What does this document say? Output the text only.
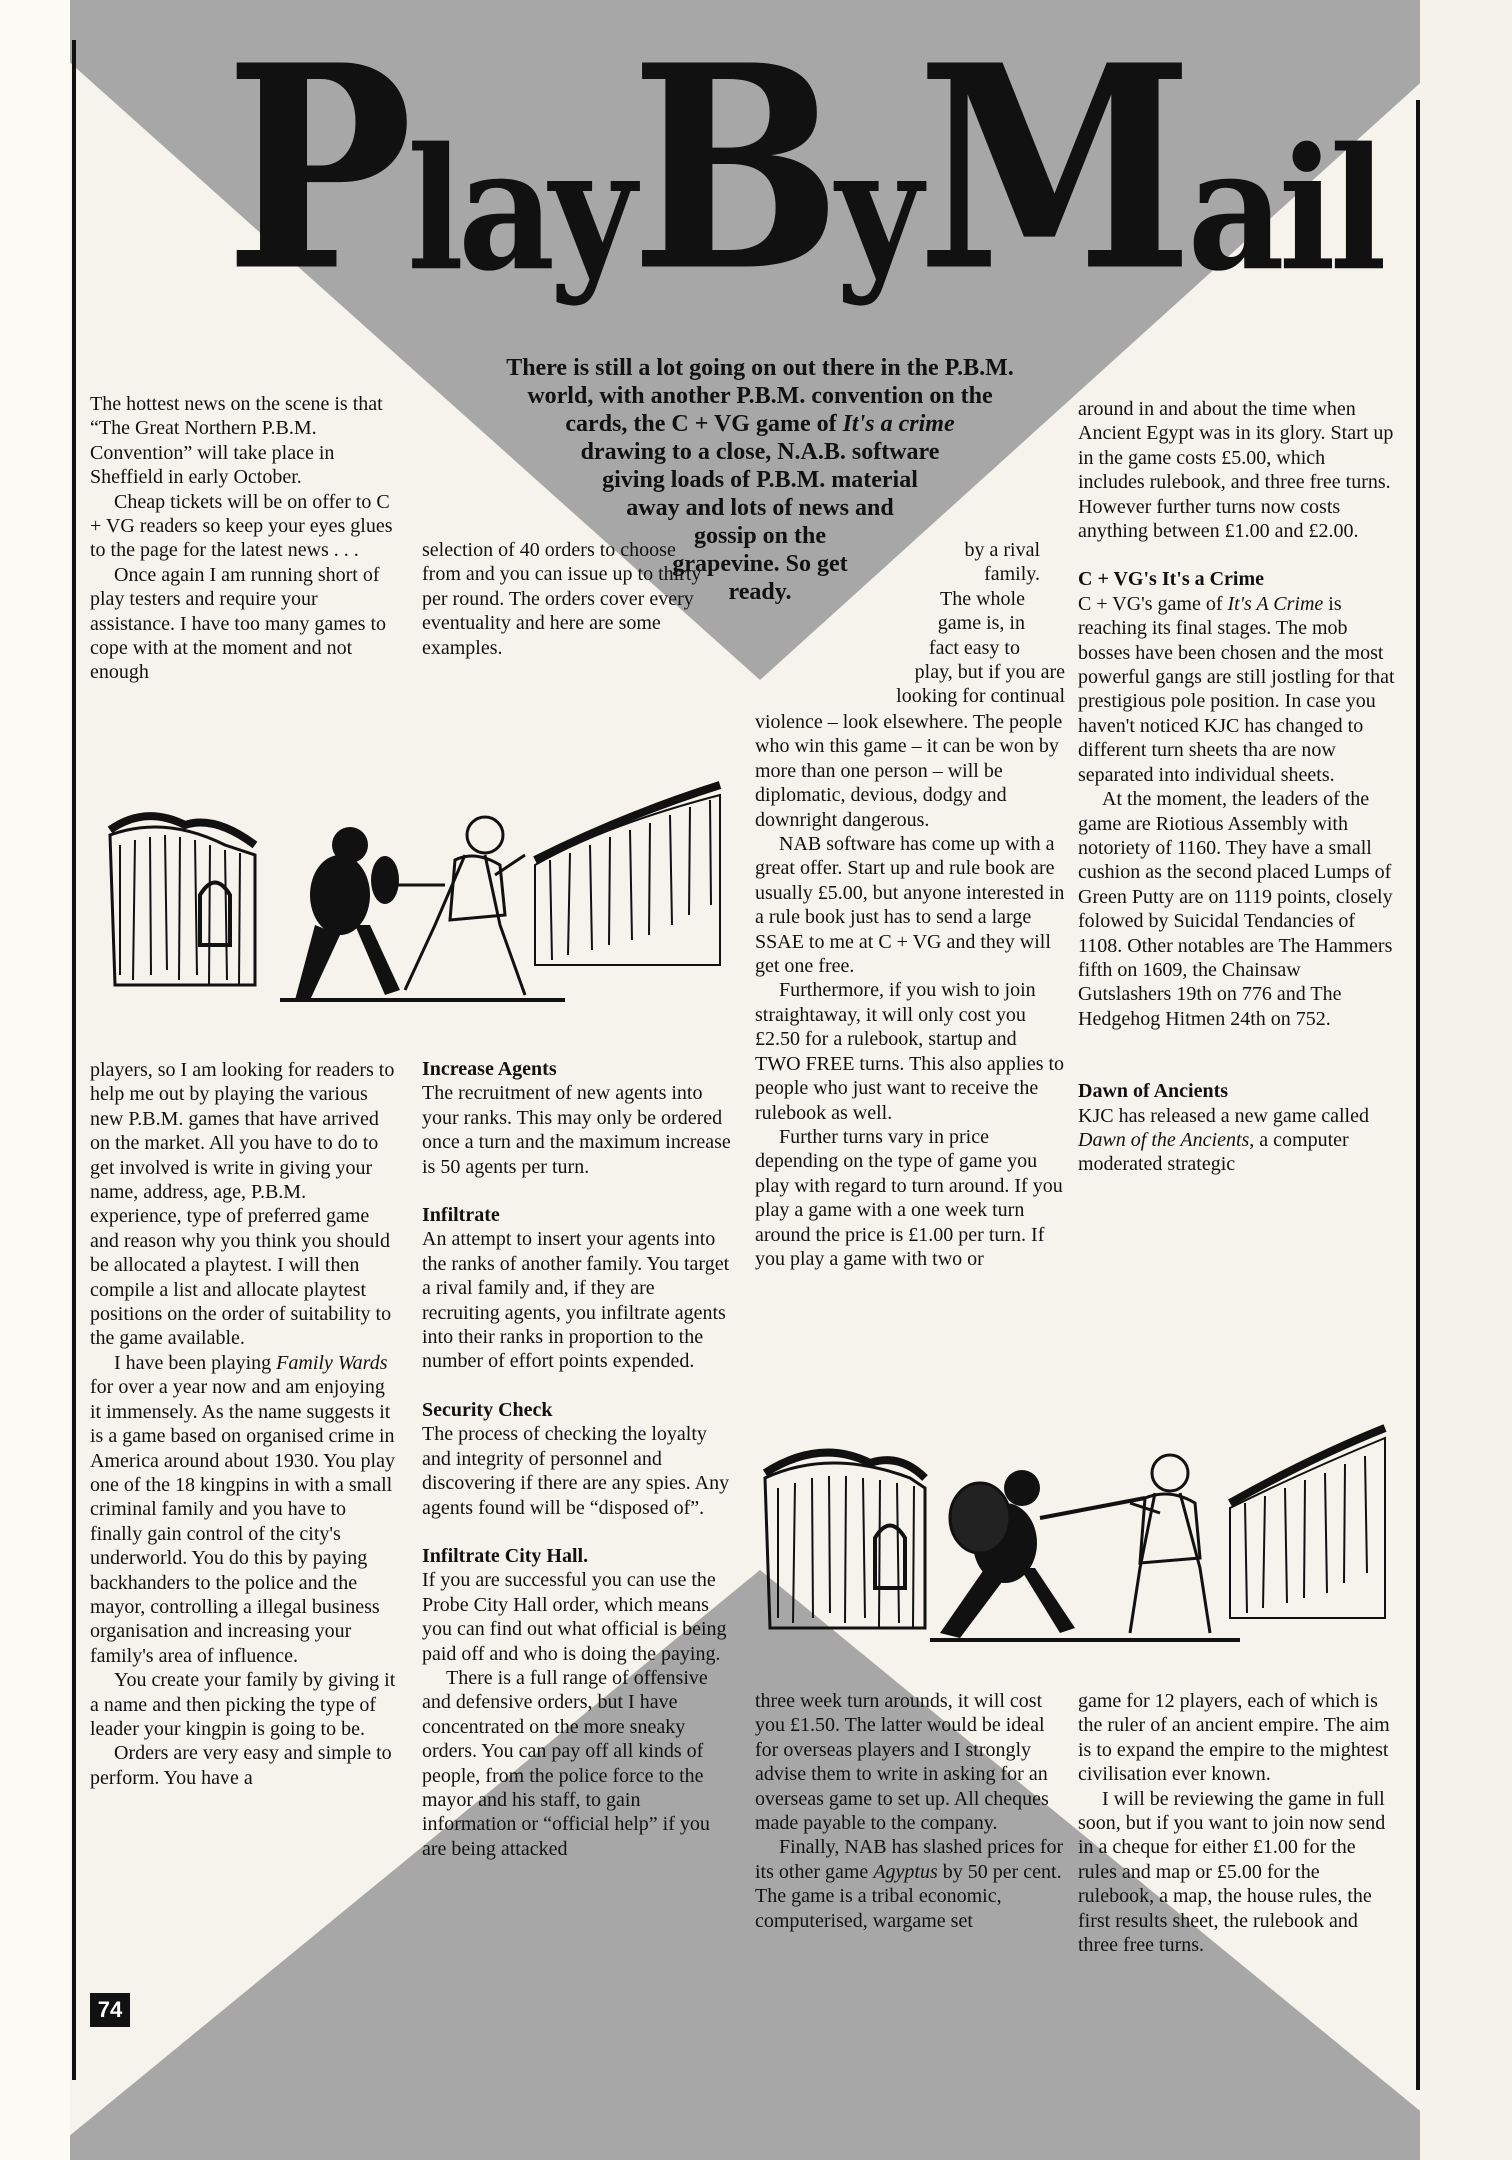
PlayByMail
There is still a lot going on out there in the P.B.M.
world, with another P.B.M. convention on the
cards, the C + VG game of It's a crime
drawing to a close, N.A.B. software
giving loads of P.B.M. material
away and lots of news and
gossip on the
grapevine. So get
ready.

The hottest news on the scene is that “The Great Northern P.B.M. Convention” will take place in Sheffield in early October.

Cheap tickets will be on offer to C + VG readers so keep your eyes glues to the page for the latest news . . .

Once again I am running short of play testers and require your assistance. I have too many games to cope with at the moment and not enough

selection of 40 orders to choose from and you can issue up to thirty per round. The orders cover every eventuality and here are some examples.

by a rival

family.

The whole

game is, in

fact easy to

play, but if you are

looking for continual

violence – look elsewhere. The people who win this game – it can be won by more than one person – will be diplomatic, devious, dodgy and downright dangerous.

NAB software has come up with a great offer. Start up and rule book are usually £5.00, but anyone interested in a rule book just has to send a large SSAE to me at C + VG and they will get one free.

Furthermore, if you wish to join straightaway, it will only cost you £2.50 for a rulebook, startup and TWO FREE turns. This also applies to people who just want to receive the rulebook as well.

Further turns vary in price depending on the type of game you play with regard to turn around. If you play a game with a one week turn around the price is £1.00 per turn. If you play a game with two or

around in and about the time when Ancient Egypt was in its glory. Start up in the game costs £5.00, which includes rulebook, and three free turns. However further turns now costs anything between £1.00 and £2.00.

C + VG's It's a Crime

C + VG's game of It's A Crime is reaching its final stages. The mob bosses have been chosen and the most powerful gangs are still jostling for that prestigious pole position. In case you haven't noticed KJC has changed to different turn sheets tha are now separated into individual sheets.

At the moment, the leaders of the game are Riotious Assembly with notoriety of 1160. They have a small cushion as the second placed Lumps of Green Putty are on 1119 points, closely folowed by Suicidal Tendancies of 1108. Other notables are The Hammers fifth on 1609, the Chainsaw Gutslashers 19th on 776 and The Hedgehog Hitmen 24th on 752.

Dawn of Ancients

KJC has released a new game called Dawn of the Ancients, a computer moderated strategic

players, so I am looking for readers to help me out by playing the various new P.B.M. games that have arrived on the market. All you have to do to get involved is write in giving your name, address, age, P.B.M. experience, type of preferred game and reason why you think you should be allocated a playtest. I will then compile a list and allocate playtest positions on the order of suitability to the game available.

I have been playing Family Wards for over a year now and am enjoying it immensely. As the name suggests it is a game based on organised crime in America around about 1930. You play one of the 18 kingpins in with a small criminal family and you have to finally gain control of the city's underworld. You do this by paying backhanders to the police and the mayor, controlling a illegal business organisation and increasing your family's area of influence.

You create your family by giving it a name and then picking the type of leader your kingpin is going to be.

Orders are very easy and simple to perform. You have a

Increase Agents

The recruitment of new agents into your ranks. This may only be ordered once a turn and the maximum increase is 50 agents per turn.

Infiltrate

An attempt to insert your agents into the ranks of another family. You target a rival family and, if they are recruiting agents, you infiltrate agents into their ranks in proportion to the number of effort points expended.

Security Check

The process of checking the loyalty and integrity of personnel and discovering if there are any spies. Any agents found will be “disposed of”.

Infiltrate City Hall.

If you are successful you can use the Probe City Hall order, which means you can find out what official is being paid off and who is doing the paying.

There is a full range of offensive and defensive orders, but I have concentrated on the more sneaky orders. You can pay off all kinds of people, from the police force to the mayor and his staff, to gain information or “official help” if you are being attacked

three week turn arounds, it will cost you £1.50. The latter would be ideal for overseas players and I strongly advise them to write in asking for an overseas game to set up. All cheques made payable to the company.

Finally, NAB has slashed prices for its other game Agyptus by 50 per cent. The game is a tribal economic, computerised, wargame set

game for 12 players, each of which is the ruler of an ancient empire. The aim is to expand the empire to the mightest civilisation ever known.

I will be reviewing the game in full soon, but if you want to join now send in a cheque for either £1.00 for the rules and map or £5.00 for the rulebook, a map, the house rules, the first results sheet, the rulebook and three free turns.

74
